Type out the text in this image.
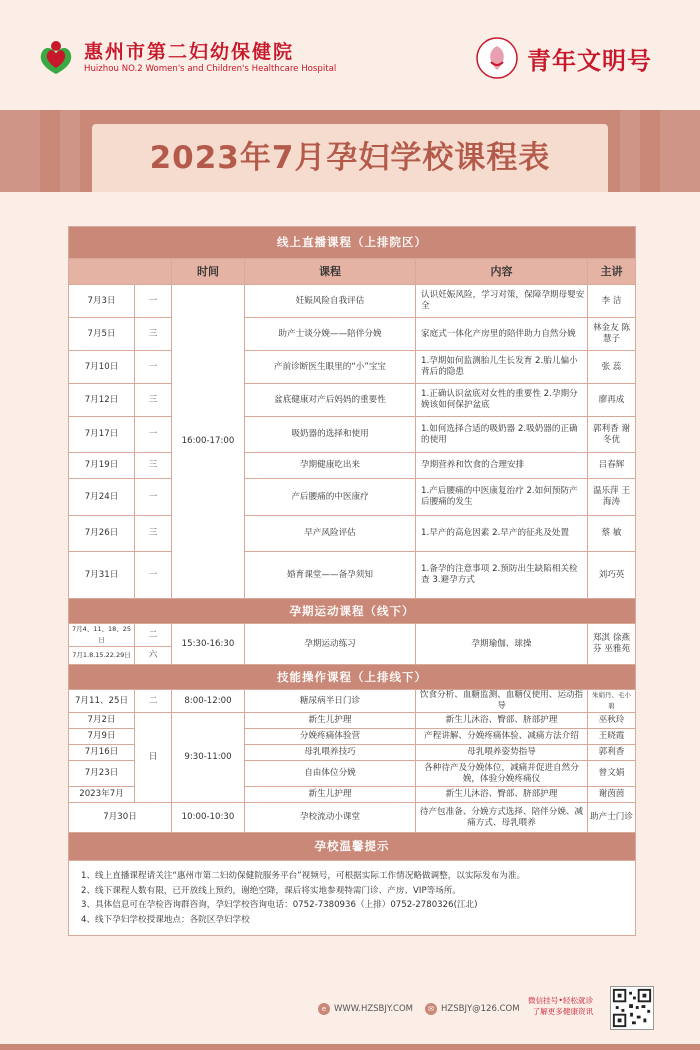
惠州市第二妇幼保健院
Huizhou NO.2 Women's and Children's Healthcare Hospital	青年文明号
2023年7月孕妇学校课程表
线上直播课程（上排院区）					
		时间	课程	内容	主讲
7月3日	一	16:00-17:00	妊娠风险自我评估	认识妊娠风险，学习对策，保障孕期母婴安全	李 洁
7月5日	三		助产士谈分娩——陪伴分娩	家庭式一体化产房里的陪伴助力自然分娩	林金友 陈慧子
7月10日	一		产前诊断医生眼里的“小”宝宝	1.孕期如何监测胎儿生长发育 2.胎儿偏小背后的隐患	张 蕊
7月12日	三		盆底健康对产后妈妈的重要性	1.正确认识盆底对女性的重要性 2.孕期分娩该如何保护盆底	廖再成
7月17日	一		吸奶器的选择和使用	1.如何选择合适的吸奶器 2.吸奶器的正确的使用	郭利香 谢冬优
7月19日	三		孕期健康吃出来	孕期营养和饮食的合理安排	吕春辉
7月24日	一		产后腰痛的中医康疗	1.产后腰痛的中医康复治疗 2.如何预防产后腰痛的发生	温乐萍 王海涛
7月26日	三		早产风险评估	1.早产的高危因素 2.早产的征兆及处置	蔡 敏
7月31日	一		婚育课堂——备孕须知	1.备孕的注意事项 2.预防出生缺陷相关检查 3.避孕方式	刘巧英
孕期运动课程（线下）					
7月4、11、18、25日	二	15:30-16:30	孕期运动练习	孕期瑜伽、球操	郑淇 徐燕芬 巫雅苑
7月1.8.15.22.29日	六				
技能操作课程（上排线下）					
7月11、25日	二	8:00-12:00	糖尿病半日门诊	饮食分析、血糖监测、血糖仪使用、运动指导	朱娟丹、毛小碧
7月2日	日	9:30-11:00	新生儿护理	新生儿沐浴、臀部、脐部护理	巫秋玲
7月9日			分娩疼痛体验营	产程讲解、分娩疼痛体验、减痛方法介绍	王晓霞
7月16日			母乳喂养技巧	母乳喂养姿势指导	郭利香
7月23日			自由体位分娩	各种待产及分娩体位，减痛并促进自然分娩，体验分娩疼痛仪	曾文娟
2023年7月			新生儿护理	新生儿沐浴、臀部、脐部护理	谢茵茵
7月30日		10:00-10:30	孕校流动小课堂	待产包准备、分娩方式选择、陪伴分娩、减痛方式、母乳喂养	助产士门诊
孕校温馨提示					

1、线上直播课程请关注“惠州市第二妇幼保健院服务平台”视频号，可根据实际工作情况略做调整，以实际发布为准。
2、线下课程人数有限，已开放线上预约，谢绝空降，课后将实地参观特需门诊、产房、VIP等场所。
3、具体信息可在孕检咨询群咨询，孕妇学校咨询电话：0752-7380936（上排）0752-2780326(江北)
4、线下孕妇学校授课地点：各院区孕妇学校					
e WWW.HZSBJY.COM	✉ HZSBJY@126.COM
微信挂号•轻松就诊
了解更多健康资讯
